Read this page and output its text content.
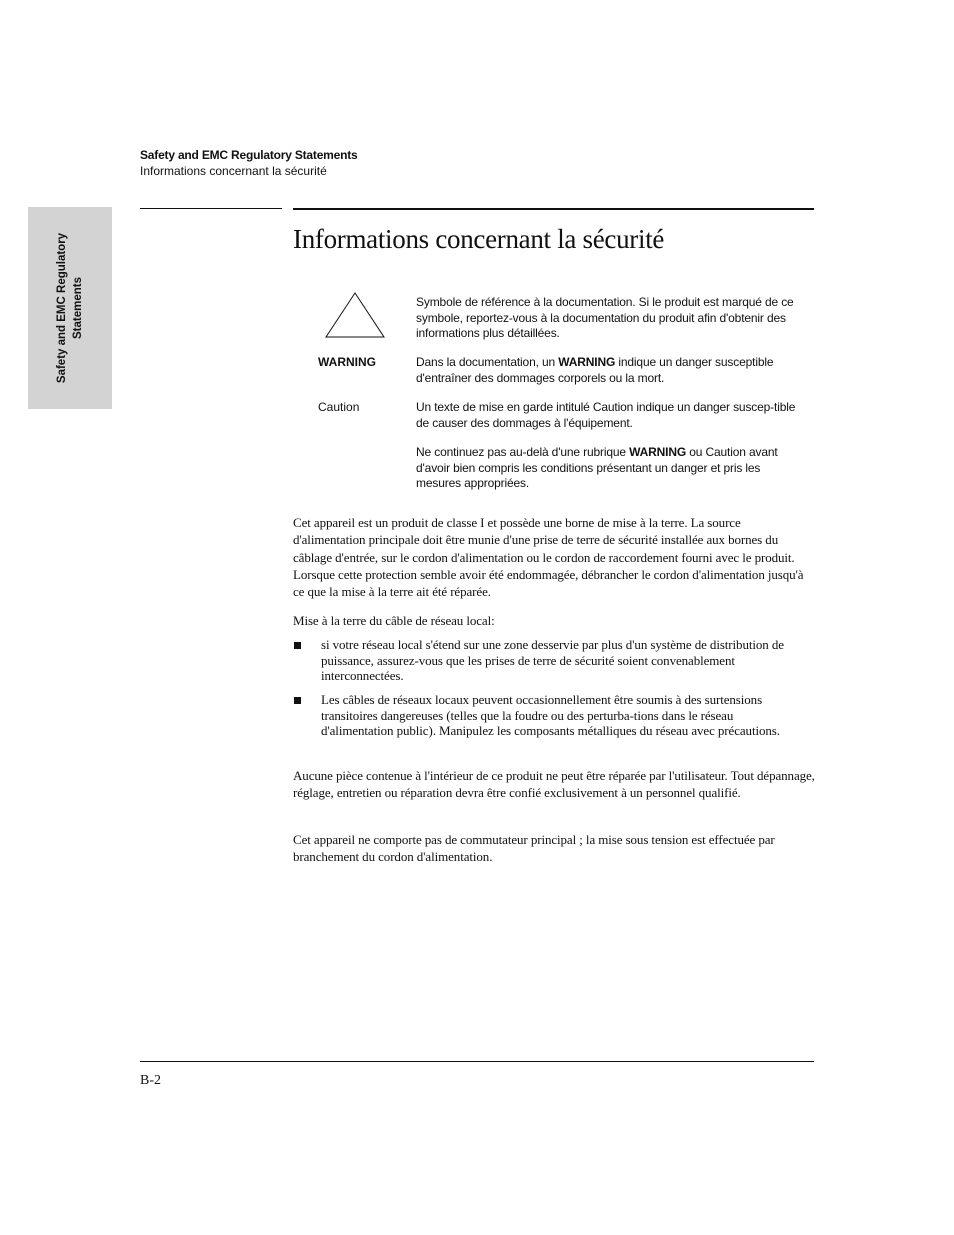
Safety and EMC Regulatory Statements
Informations concernant la sécurité
Safety and EMC Regulatory Statements
Informations concernant la sécurité
Symbole de référence à la documentation. Si le produit est marqué de ce symbole, reportez-vous à la documentation du produit afin d'obtenir des informations plus détaillées.
WARNING	Dans la documentation, un WARNING indique un danger susceptible d'entraîner des dommages corporels ou la mort.
Caution	Un texte de mise en garde intitulé Caution indique un danger suscep-tible de causer des dommages à l'équipement.
Ne continuez pas au-delà d'une rubrique WARNING ou Caution avant d'avoir bien compris les conditions présentant un danger et pris les mesures appropriées.
Cet appareil est un produit de classe I et possède une borne de mise à la terre. La source d'alimentation principale doit être munie d'une prise de terre de sécurité installée aux bornes du câblage d'entrée, sur le cordon d'alimentation ou le cordon de raccordement fourni avec le produit. Lorsque cette protection semble avoir été endommagée, débrancher le cordon d'alimentation jusqu'à ce que la mise à la terre ait été réparée.
Mise à la terre du câble de réseau local:
si votre réseau local s'étend sur une zone desservie par plus d'un système de distribution de puissance, assurez-vous que les prises de terre de sécurité soient convenablement interconnectées.
Les câbles de réseaux locaux peuvent occasionnellement être soumis à des surtensions transitoires dangereuses (telles que la foudre ou des perturba-tions dans le réseau d'alimentation public). Manipulez les composants métalliques du réseau avec précautions.
Aucune pièce contenue à l'intérieur de ce produit ne peut être réparée par l'utilisateur. Tout dépannage, réglage, entretien ou réparation devra être confié exclusivement à un personnel qualifié.
Cet appareil ne comporte pas de commutateur principal ; la mise sous tension est effectuée par branchement du cordon d'alimentation.
B-2
